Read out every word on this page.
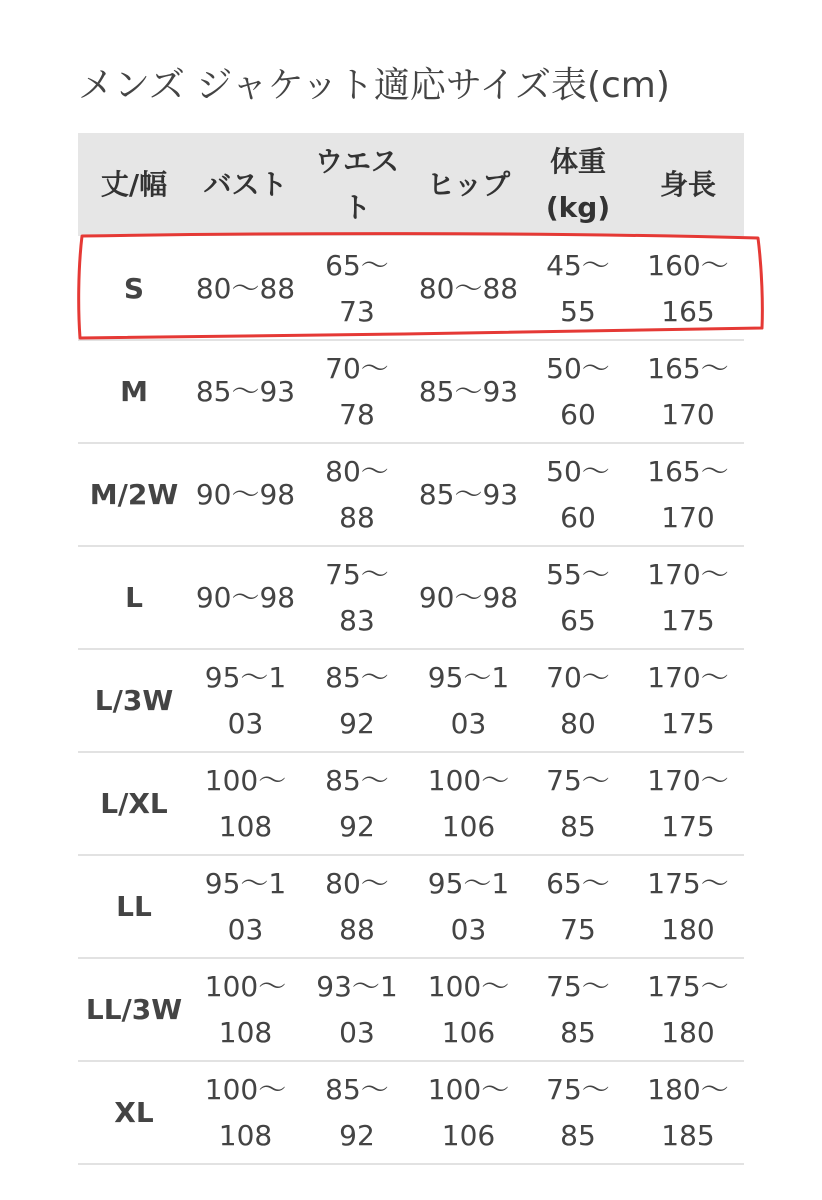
メンズ ジャケット適応サイズ表(cm)
丈/幅	バスト	ウエスト	ヒップ	体重(kg)	身長
S	80〜88	65〜73	80〜88	45〜55	160〜165
M	85〜93	70〜78	85〜93	50〜60	165〜170
M/2W	90〜98	80〜88	85〜93	50〜60	165〜170
L	90〜98	75〜83	90〜98	55〜65	170〜175
L/3W	95〜103	85〜92	95〜103	70〜80	170〜175
L/XL	100〜108	85〜92	100〜106	75〜85	170〜175
LL	95〜103	80〜88	95〜103	65〜75	175〜180
LL/3W	100〜108	93〜103	100〜106	75〜85	175〜180
XL	100〜108	85〜92	100〜106	75〜85	180〜185
